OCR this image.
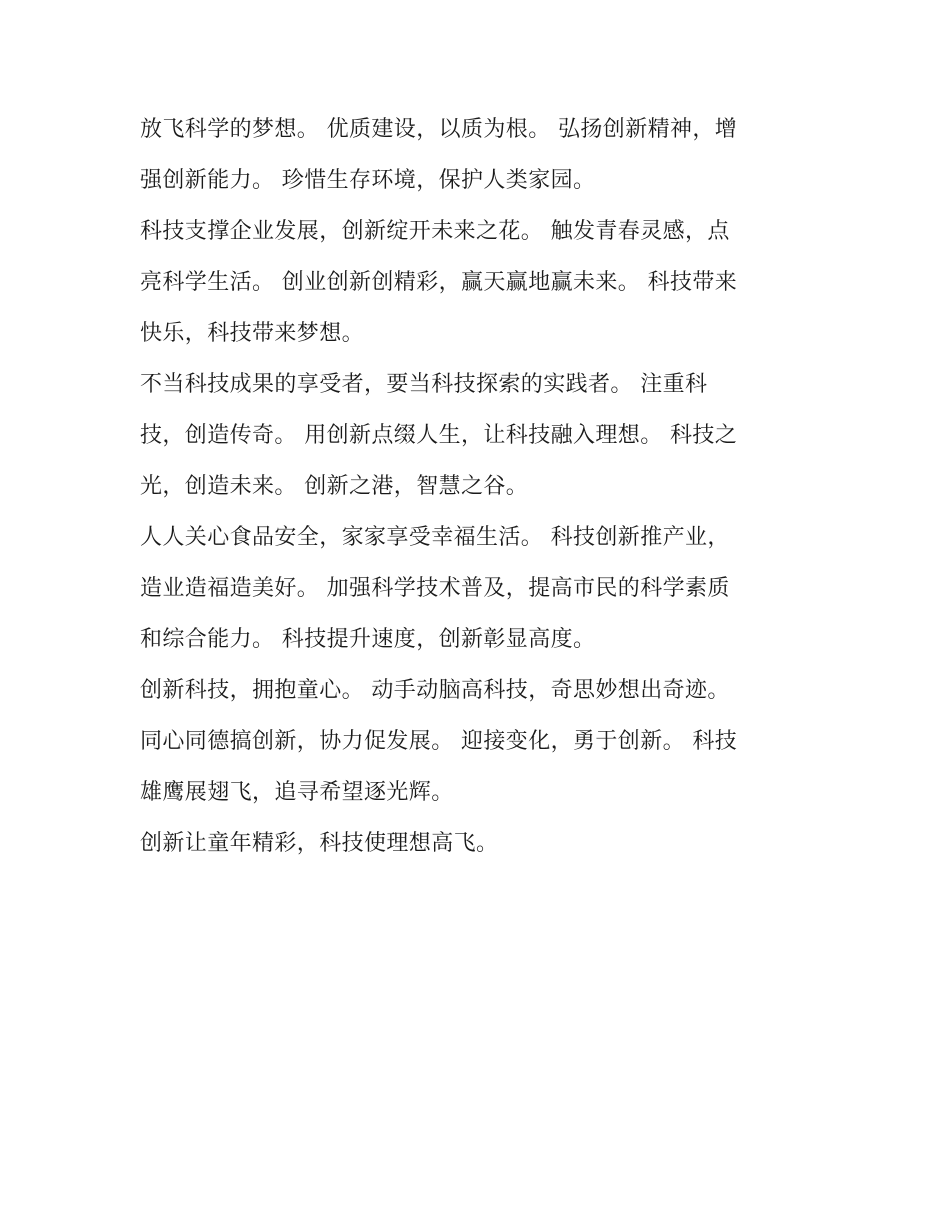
放飞科学的梦想。 优质建设，以质为根。 弘扬创新精神，增
强创新能力。 珍惜生存环境，保护人类家园。
科技支撑企业发展，创新绽开未来之花。 触发青春灵感，点
亮科学生活。 创业创新创精彩，赢天赢地赢未来。 科技带来
快乐，科技带来梦想。
不当科技成果的享受者，要当科技探索的实践者。 注重科
技，创造传奇。 用创新点缀人生，让科技融入理想。 科技之
光，创造未来。 创新之港，智慧之谷。
人人关心食品安全，家家享受幸福生活。 科技创新推产业，
造业造福造美好。 加强科学技术普及，提高市民的科学素质
和综合能力。 科技提升速度，创新彰显高度。
创新科技，拥抱童心。 动手动脑高科技，奇思妙想出奇迹。
同心同德搞创新，协力促发展。 迎接变化，勇于创新。 科技
雄鹰展翅飞，追寻希望逐光辉。
创新让童年精彩，科技使理想高飞。
